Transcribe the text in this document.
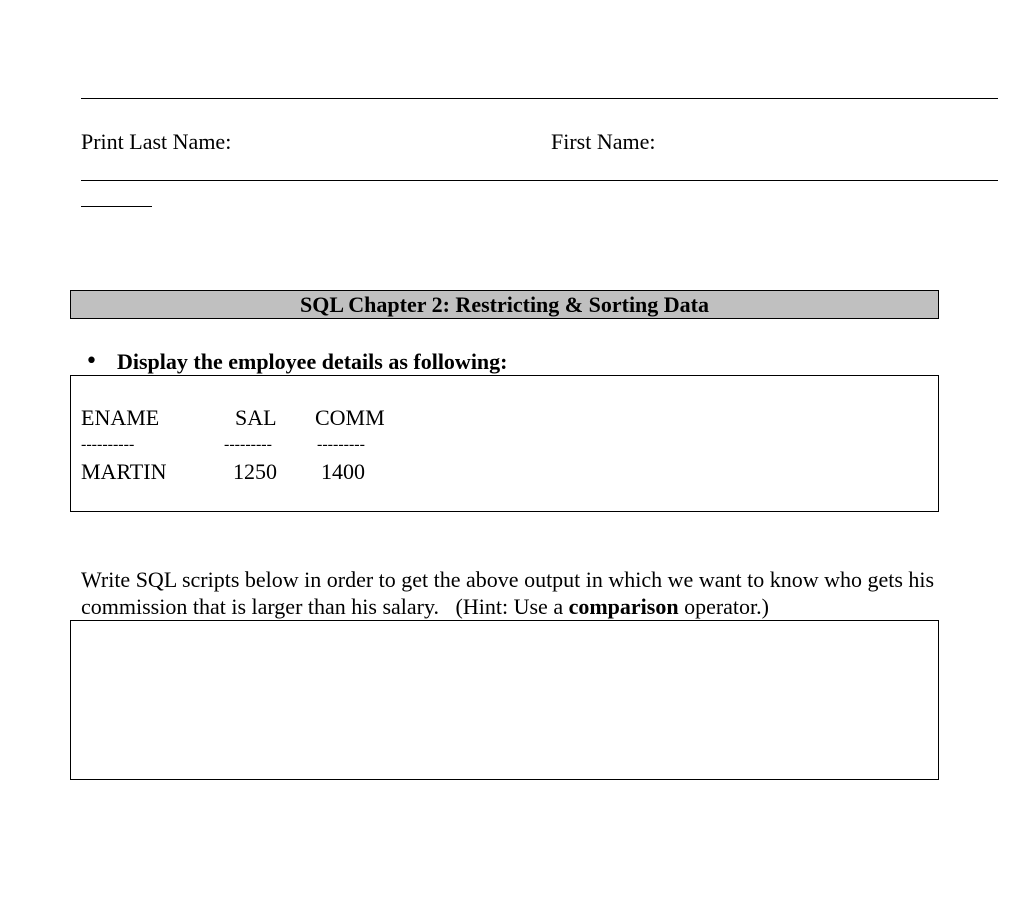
Print Last Name:	First Name:
SQL Chapter 2: Restricting & Sorting Data
• Display the employee details as following:
ENAME	SAL COMM
----------	---------	---------
MARTIN	1250 1400
Write SQL scripts below in order to get the above output in which we want to know who gets his
commission that is larger than his salary.   (Hint: Use a comparison operator.)
